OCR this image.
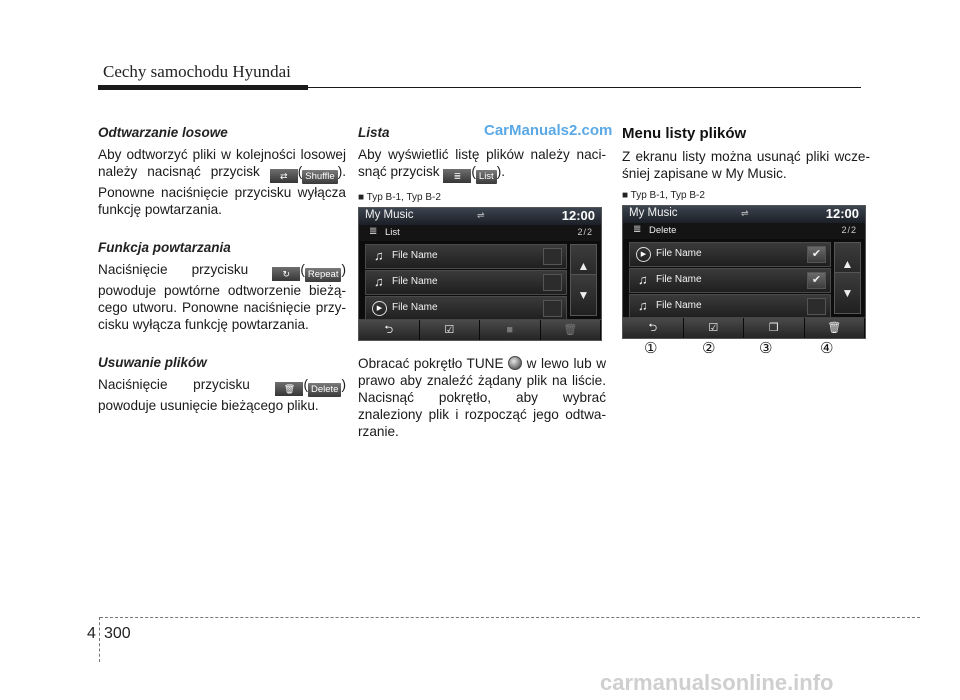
Cechy samochodu Hyundai
CarManuals2.com
Odtwarzanie losowe

Aby odtworzyć pliki w kolejności losowej należy nacisnąć przycisk ⇄ ( Shuffle ). Ponowne naciśnięcie przycisku wyłącza funkcję powtarzania.

Funkcja powtarzania

Naciśnięcie przycisku	↻ ( Repeat ) powoduje powtórne odtworzenie bieżą- cego utworu. Ponowne naciśnięcie przy- cisku wyłącza funkcję powtarzania.

Usuwanie plików

Naciśnięcie przycisku	🗑 ( Delete ) powoduje usunięcie bieżącego pliku.

Lista

Aby wyświetlić listę plików należy naci- snąć przycisk ≣ ( List ).

■ Typ B-1, Typ B-2
My Music	⇌	12:00
≣ List	2/2
♫ File Name
♫ File Name
▶ File Name
▲
▼
⮌	☑	■	🗑

Obracać pokrętło TUNE w lewo lub w prawo aby znaleźć żądany plik na liście. Nacisnąć pokrętło, aby wybrać znaleziony plik i rozpocząć jego odtwa- rzanie.

Menu listy plików

Z ekranu listy można usunąć pliki wcze- śniej zapisane w My Music.

■ Typ B-1, Typ B-2
My Music	⇌	12:00
≣ Delete	2/2
▶ File Name	✔
♫ File Name	✔
♫ File Name
▲
▼
⮌	☑	❐	🗑
①	②	③	④
4 300
carmanualsonline.info
